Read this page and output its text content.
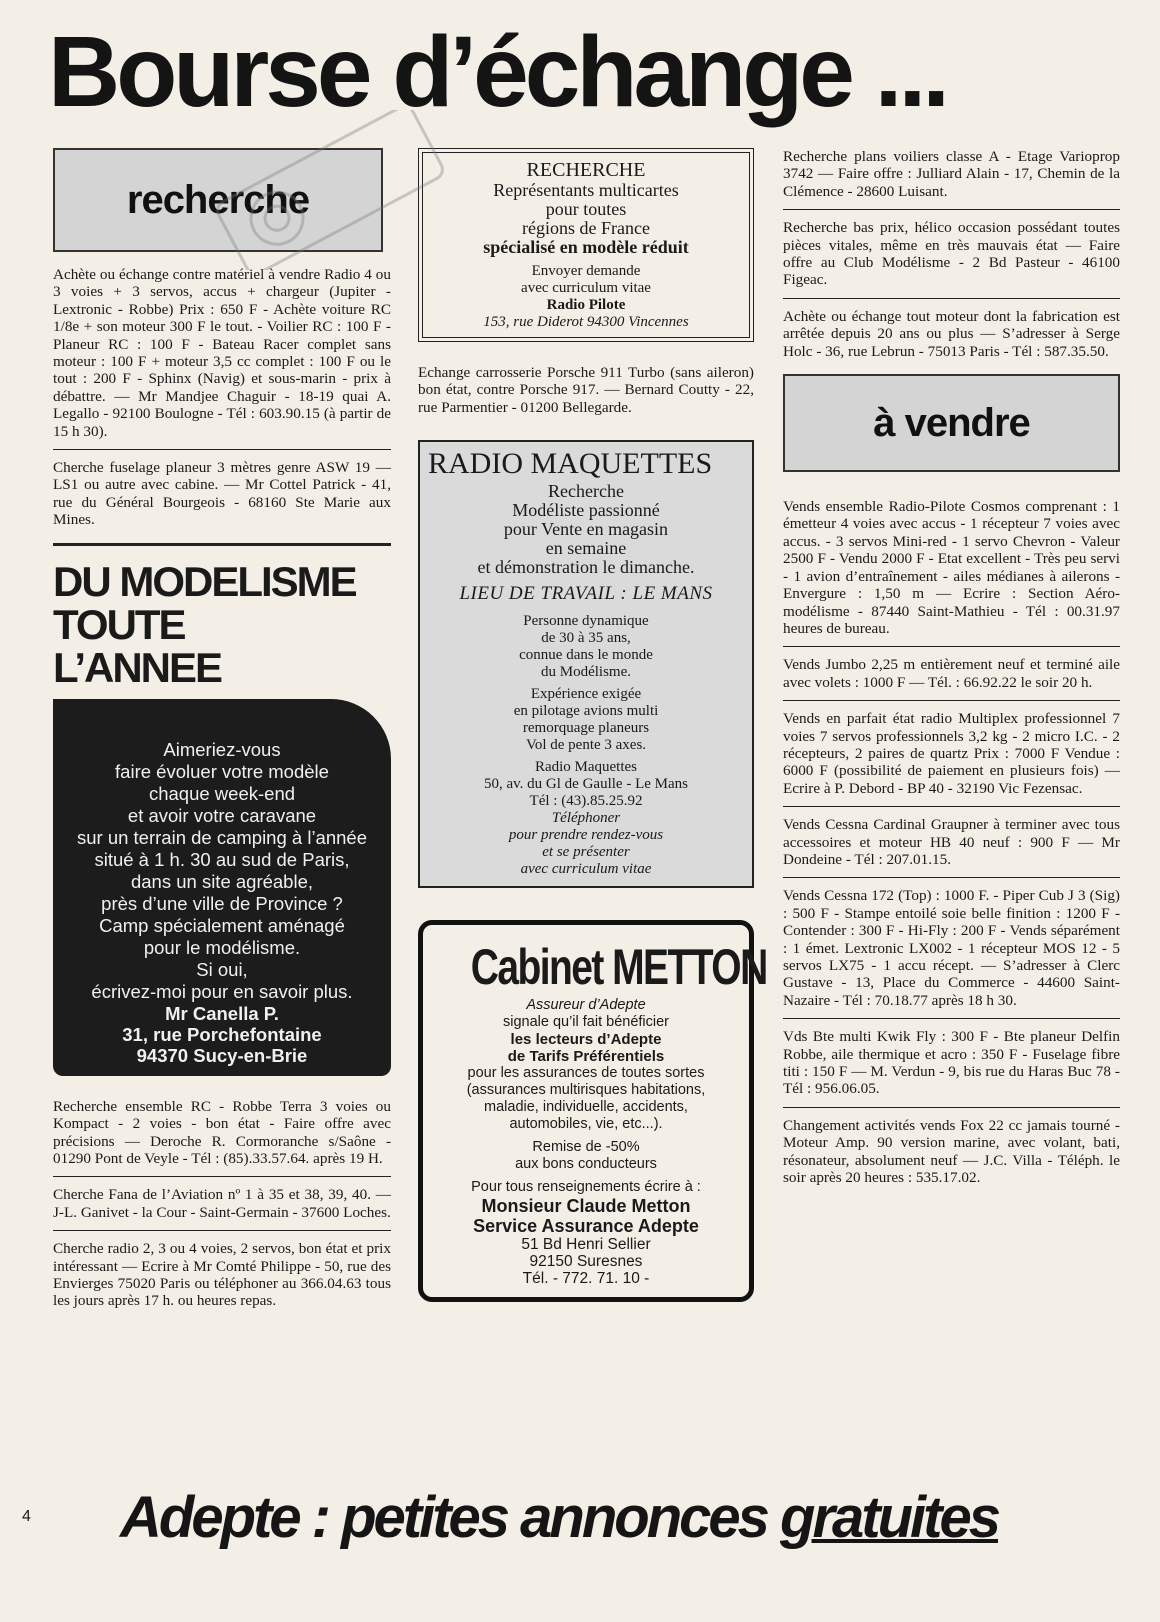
Bourse d’échange ...
recherche

Achète ou échange contre matériel à vendre Radio 4 ou 3 voies + 3 servos, accus + chargeur (Jupiter - Lextronic - Robbe) Prix : 650 F - Achète voiture RC 1/8e + son moteur 300 F le tout. - Voilier RC : 100 F - Planeur RC : 100 F - Bateau Racer complet sans moteur : 100 F + moteur 3,5 cc complet : 100 F ou le tout : 200 F - Sphinx (Navig) et sous-marin - prix à débattre. — Mr Mandjee Chaguir - 18-19 quai A. Legallo - 92100 Boulogne - Tél : 603.90.15 (à partir de 15 h 30).

Cherche fuselage planeur 3 mètres genre ASW 19 — LS1 ou autre avec cabine. — Mr Cottel Patrick - 41, rue du Général Bourgeois - 68160 Ste Marie aux Mines.

DU MODELISME
TOUTE
L’ANNEE
Aimeriez-vous
faire évoluer votre modèle
chaque week-end
et avoir votre caravane
sur un terrain de camping à l’année
situé à 1 h. 30 au sud de Paris,
dans un site agréable,
près d’une ville de Province ?
Camp spécialement aménagé
pour le modélisme.
Si oui,
écrivez-moi pour en savoir plus.
Mr Canella P.
31, rue Porchefontaine
94370 Sucy-en-Brie

Recherche ensemble RC - Robbe Terra 3 voies ou Kompact - 2 voies - bon état - Faire offre avec précisions — Deroche R. Cormoranche s/Saône - 01290 Pont de Veyle - Tél : (85).33.57.64. après 19 H.

Cherche Fana de l’Aviation nº 1 à 35 et 38, 39, 40. — J-L. Ganivet - la Cour - Saint-Germain - 37600 Loches.

Cherche radio 2, 3 ou 4 voies, 2 servos, bon état et prix intéressant — Ecrire à Mr Comté Philippe - 50, rue des Envierges 75020 Paris ou téléphoner au 366.04.63 tous les jours après 17 h. ou heures repas.

RECHERCHE
Représentants multicartes
pour toutes
régions de France
spécialisé en modèle réduit
Envoyer demande
avec curriculum vitae
Radio Pilote
153, rue Diderot 94300 Vincennes

Echange carrosserie Porsche 911 Turbo (sans aileron) bon état, contre Porsche 917. — Bernard Coutty - 22, rue Parmentier - 01200 Bellegarde.

RADIO MAQUETTES
Recherche
Modéliste passionné
pour Vente en magasin
en semaine
et démonstration le dimanche.
LIEU DE TRAVAIL : LE MANS
Personne dynamique
de 30 à 35 ans,
connue dans le monde
du Modélisme.
Expérience exigée
en pilotage avions multi
remorquage planeurs
Vol de pente 3 axes.
Radio Maquettes
50, av. du Gl de Gaulle - Le Mans
Tél : (43).85.25.92
Téléphoner
pour prendre rendez-vous
et se présenter
avec curriculum vitae
Cabinet METTON
Assureur d’Adepte
signale qu’il fait bénéficier
les lecteurs d’Adepte
de Tarifs Préférentiels
pour les assurances de toutes sortes
(assurances multirisques habitations,
maladie, individuelle, accidents,
automobiles, vie, etc...).
Remise de -50%
aux bons conducteurs
Pour tous renseignements écrire à :
Monsieur Claude Metton
Service Assurance Adepte
51 Bd Henri Sellier
92150 Suresnes
Tél. - 772. 71. 10 -

Recherche plans voiliers classe A - Etage Varioprop 3742 — Faire offre : Julliard Alain - 17, Chemin de la Clémence - 28600 Luisant.

Recherche bas prix, hélico occasion possédant toutes pièces vitales, même en très mauvais état — Faire offre au Club Modélisme - 2 Bd Pasteur - 46100 Figeac.

Achète ou échange tout moteur dont la fabrication est arrêtée depuis 20 ans ou plus — S’adresser à Serge Holc - 36, rue Lebrun - 75013 Paris - Tél : 587.35.50.

à vendre

Vends ensemble Radio-Pilote Cosmos comprenant : 1 émetteur 4 voies avec accus - 1 récepteur 7 voies avec accus. - 3 servos Mini-red - 1 servo Chevron - Valeur 2500 F - Vendu 2000 F - Etat excellent - Très peu servi - 1 avion d’entraînement - ailes médianes à ailerons - Envergure : 1,50 m — Ecrire : Section Aéro-modélisme - 87440 Saint-Mathieu - Tél : 00.31.97 heures de bureau.

Vends Jumbo 2,25 m entièrement neuf et terminé aile avec volets : 1000 F — Tél. : 66.92.22 le soir 20 h.

Vends en parfait état radio Multiplex professionnel 7 voies 7 servos professionnels 3,2 kg - 2 micro I.C. - 2 récepteurs, 2 paires de quartz Prix : 7000 F Vendue : 6000 F (possibilité de paiement en plusieurs fois) — Ecrire à P. Debord - BP 40 - 32190 Vic Fezensac.

Vends Cessna Cardinal Graupner à terminer avec tous accessoires et moteur HB 40 neuf : 900 F — Mr Dondeine - Tél : 207.01.15.

Vends Cessna 172 (Top) : 1000 F. - Piper Cub J 3 (Sig) : 500 F - Stampe entoilé soie belle finition : 1200 F - Contender : 300 F - Hi-Fly : 200 F - Vends séparément : 1 émet. Lextronic LX002 - 1 récepteur MOS 12 - 5 servos LX75 - 1 accu récept. — S’adresser à Clerc Gustave - 13, Place du Commerce - 44600 Saint-Nazaire - Tél : 70.18.77 après 18 h 30.

Vds Bte multi Kwik Fly : 300 F - Bte planeur Delfin Robbe, aile thermique et acro : 350 F - Fuselage fibre titi : 150 F — M. Verdun - 9, bis rue du Haras Buc 78 - Tél : 956.06.05.

Changement activités vends Fox 22 cc jamais tourné - Moteur Amp. 90 version marine, avec volant, bati, résonateur, absolument neuf — J.C. Villa - Téléph. le soir après 20 heures : 535.17.02.

4 Adepte : petites annonces gratuites
